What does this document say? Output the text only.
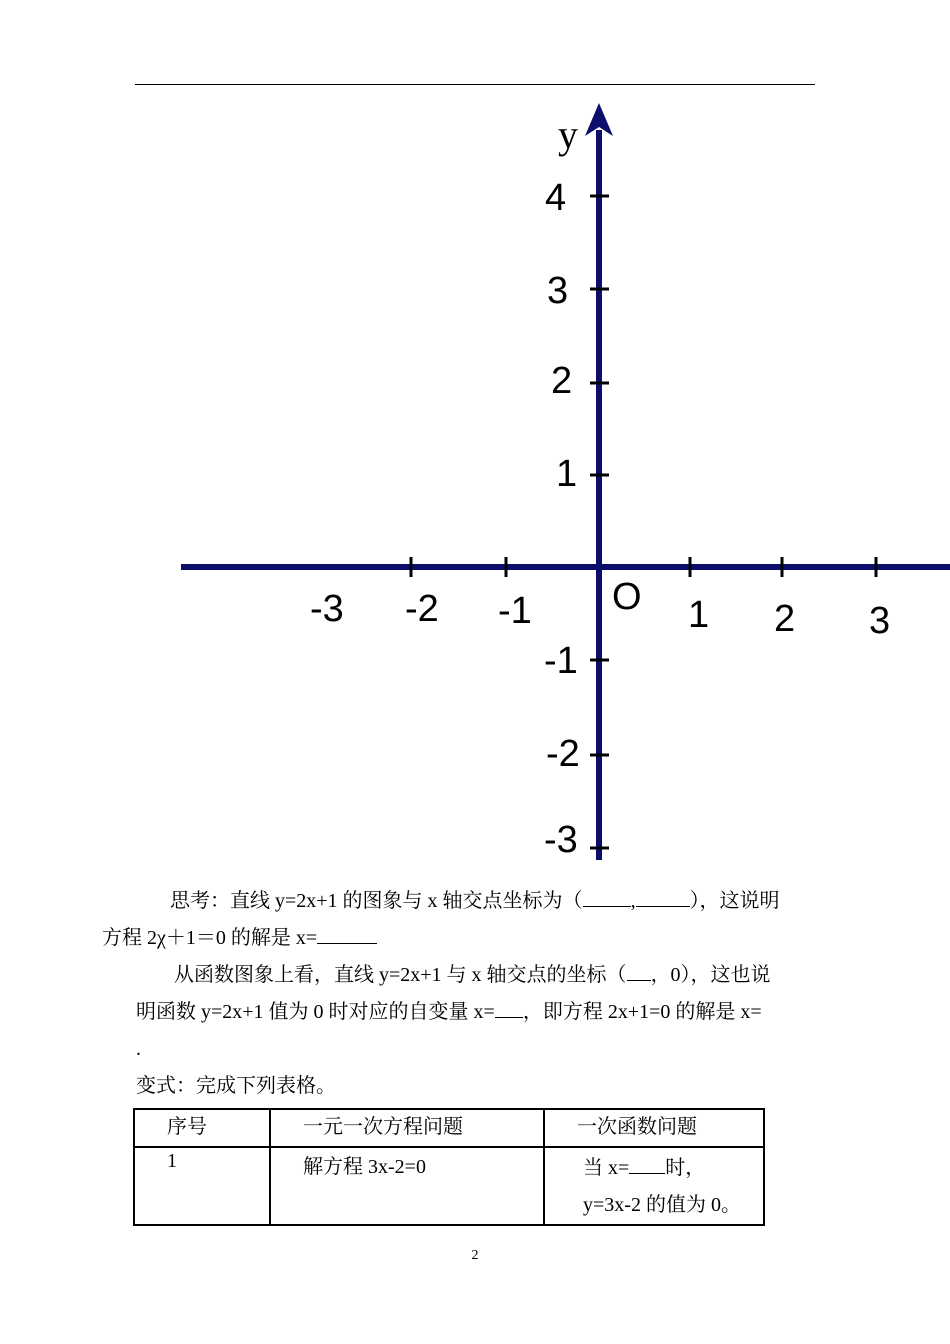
-3 -2 -1	1 2 3
4
3
2
1
-1
-2
-3
y
O
思考：直线 y=2x+1 的图象与 x 轴交点坐标为（ ,	），这说明
方程 2χ＋1＝0 的解是 x=
从函数图象上看，直线 y=2x+1 与 x 轴交点的坐标（ ，0），这也说
明函数 y=2x+1 值为 0 时对应的自变量 x= ，即方程 2x+1=0 的解是 x=
.
变式：完成下列表格。
序号	一元一次方程问题	一次函数问题
1	解方程 3x-2=0	当 x= 时，
y=3x-2 的值为 0。
2
